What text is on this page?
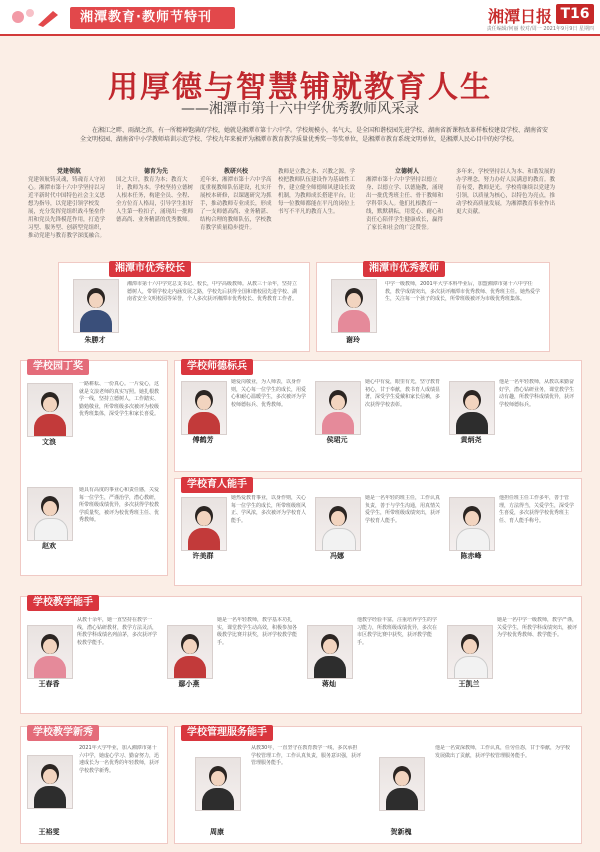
湘潭教育·教师节特刊	湘潭日报 T16
责任编辑/何丽 校对/周一 2021年9月9日 星期四
用厚德与智慧铺就教育人生
——湘潭市第十六中学优秀教师风采录
在湘江之畔、雨湖之滨，有一所精神饱满的学校，她就是湘潭市第十六中学。学校规模小，名气大，是全国和谐校园先进学校、湖南省新课程改革样板校建设学校、湖南省安全文明校园、湖南省中小学教师培训示范学校、学校九年来被评为湘潭市教育教学质量优秀奖一等奖单位，是湘潭市教育系统文明单位，是湘潭人民心目中的好学校。
党建领航
党建领航铸灵魂，铸魂育人守初心。湘潭市第十六中学坚持以习近平新时代中国特色社会主义思想为指导，以党建引领学校发展，充分发挥党组织战斗堡垒作用和党员先锋模范作用，打造学习型、服务型、创新型党组织，推动党建与教育教学深度融合。
德育为先
国之大计，教育为本；教育大计，教师为本。学校坚持立德树人根本任务，构建全员、全程、全方位育人格局，引导学生扣好人生第一粒扣子，涌现出一批师德高尚、业务精湛的优秀教师。
教研兴校
近年来，湘潭市第十六中学高度重视教师队伍建设，扎实开展校本研修，以课题研究为抓手，推动教师专业成长，形成了一支师德高尚、业务精湛、结构合理的教师队伍，学校教育教学质量稳步提升。
教师是立教之本、兴教之源。学校把教师队伍建设作为基础性工作，建立健全师德师风建设长效机制，为教师成长搭建平台，让每一位教师都能在平凡的岗位上书写不平凡的教育人生。
立德树人
湘潭市第十六中学坚持以德立身、以德立学、以德施教，涌现出一批优秀班主任、骨干教师和学科带头人。他们扎根教育一线，默默耕耘，用爱心、耐心和责任心陪伴学生健康成长，赢得了家长和社会的广泛赞誉。
多年来，学校坚持以人为本、和谐发展的办学理念，努力办好人民满意的教育。教育有爱，教师是光。学校将继续以党建为引领，以质量为核心，以特色为亮点，推动学校高质量发展，为湘潭教育事业作出更大贡献。
湘潭市优秀校长
朱勝才
湘潭市第十六中学党总支书记、校长，中学高级教师。从教三十余年，坚持立德树人，带领学校走内涵发展之路，学校先后获得全国和谐校园先进学校、湖南省安全文明校园等荣誉，个人多次获评湘潭市优秀校长、优秀教育工作者。
湘潭市优秀教师
谢玲
中学一级教师，2001年大学本科毕业后，加盟湘潭市第十六中学任教，教学成绩突出，多次获评湘潭市优秀教师、优秀班主任。她热爱学生，关注每一个孩子的成长，所带班级被评为市级优秀班集体。
学校园丁奖
文浪
一路耕耘、一份真心。一片爱心，这就是文浪老师的真实写照。她扎根教学一线，坚持立德树人，工作踏实、勤勉敬业，所带班级多次被评为校级优秀班集体，深受学生和家长喜爱。
赵欢
她具有高度的事业心和责任感，关爱每一位学生，严谨治学，潜心教研，所带班级成绩优异，多次获得学校教学质量奖，被评为校优秀班主任、优秀教师。
学校师德标兵
傅鹤芳
她爱岗敬业，为人师表，以身作则，关心每一位学生的成长，用爱心和耐心温暖学生，多次被评为学校师德标兵、优秀教师。
侯珺元
她心中有爱，眼里有光，坚守教育初心，甘于奉献，教书育人成绩显著，深受学生爱戴和家长信赖，多次获得学校表彰。
黄炳尧
他是一名年轻教师，从教以来勤奋好学，潜心钻研业务，课堂教学生动有趣，所教学科成绩优异，获评学校师德标兵。
学校育人能手
许美群
她热爱教育事业，以身作则，关心每一位学生的成长，所带班级班风正、学风浓，多次被评为学校育人能手。
冯娜
她是一名年轻的班主任，工作认真负责，善于与学生沟通，用真情关爱学生，所带班级成绩突出，获评学校育人能手。
陈赤峰
他担任班主任工作多年，善于管理，方法得当，关爱学生，深受学生喜爱，多次获得学校优秀班主任、育人能手称号。
学校教学能手
王春香
从教十余年，她一直坚持在教学一线，潜心钻研教材，教学方法灵活，所教学科成绩名列前茅，多次获评学校教学能手。
鄢小燕
她是一名年轻教师，教学基本功扎实，课堂教学生动高效，积极参加各级教学比赛并获奖，获评学校教学能手。
蒋灿
他教学经验丰富，注重培养学生的学习能力，所教班级成绩优异，多次在市区教学比赛中获奖，获评教学能手。
王凯兰
她是一名中学一级教师，教学严谨，关爱学生，所教学科成绩突出，被评为学校优秀教师、教学能手。
学校教学新秀
王裕雯
2021年大学毕业，加入湘潭市第十六中学，她虚心学习、勤奋努力，迅速成长为一名优秀的年轻教师，获评学校教学新秀。
学校管理服务能手
周康
从教30年，一直坚守在教育教学一线，多次承担学校管理工作，工作认真负责，服务意识强，获评管理服务能手。
贺新槐
他是一名资深教师，工作认真，任劳任怨，甘于奉献，为学校发展做出了贡献，获评学校管理服务能手。
